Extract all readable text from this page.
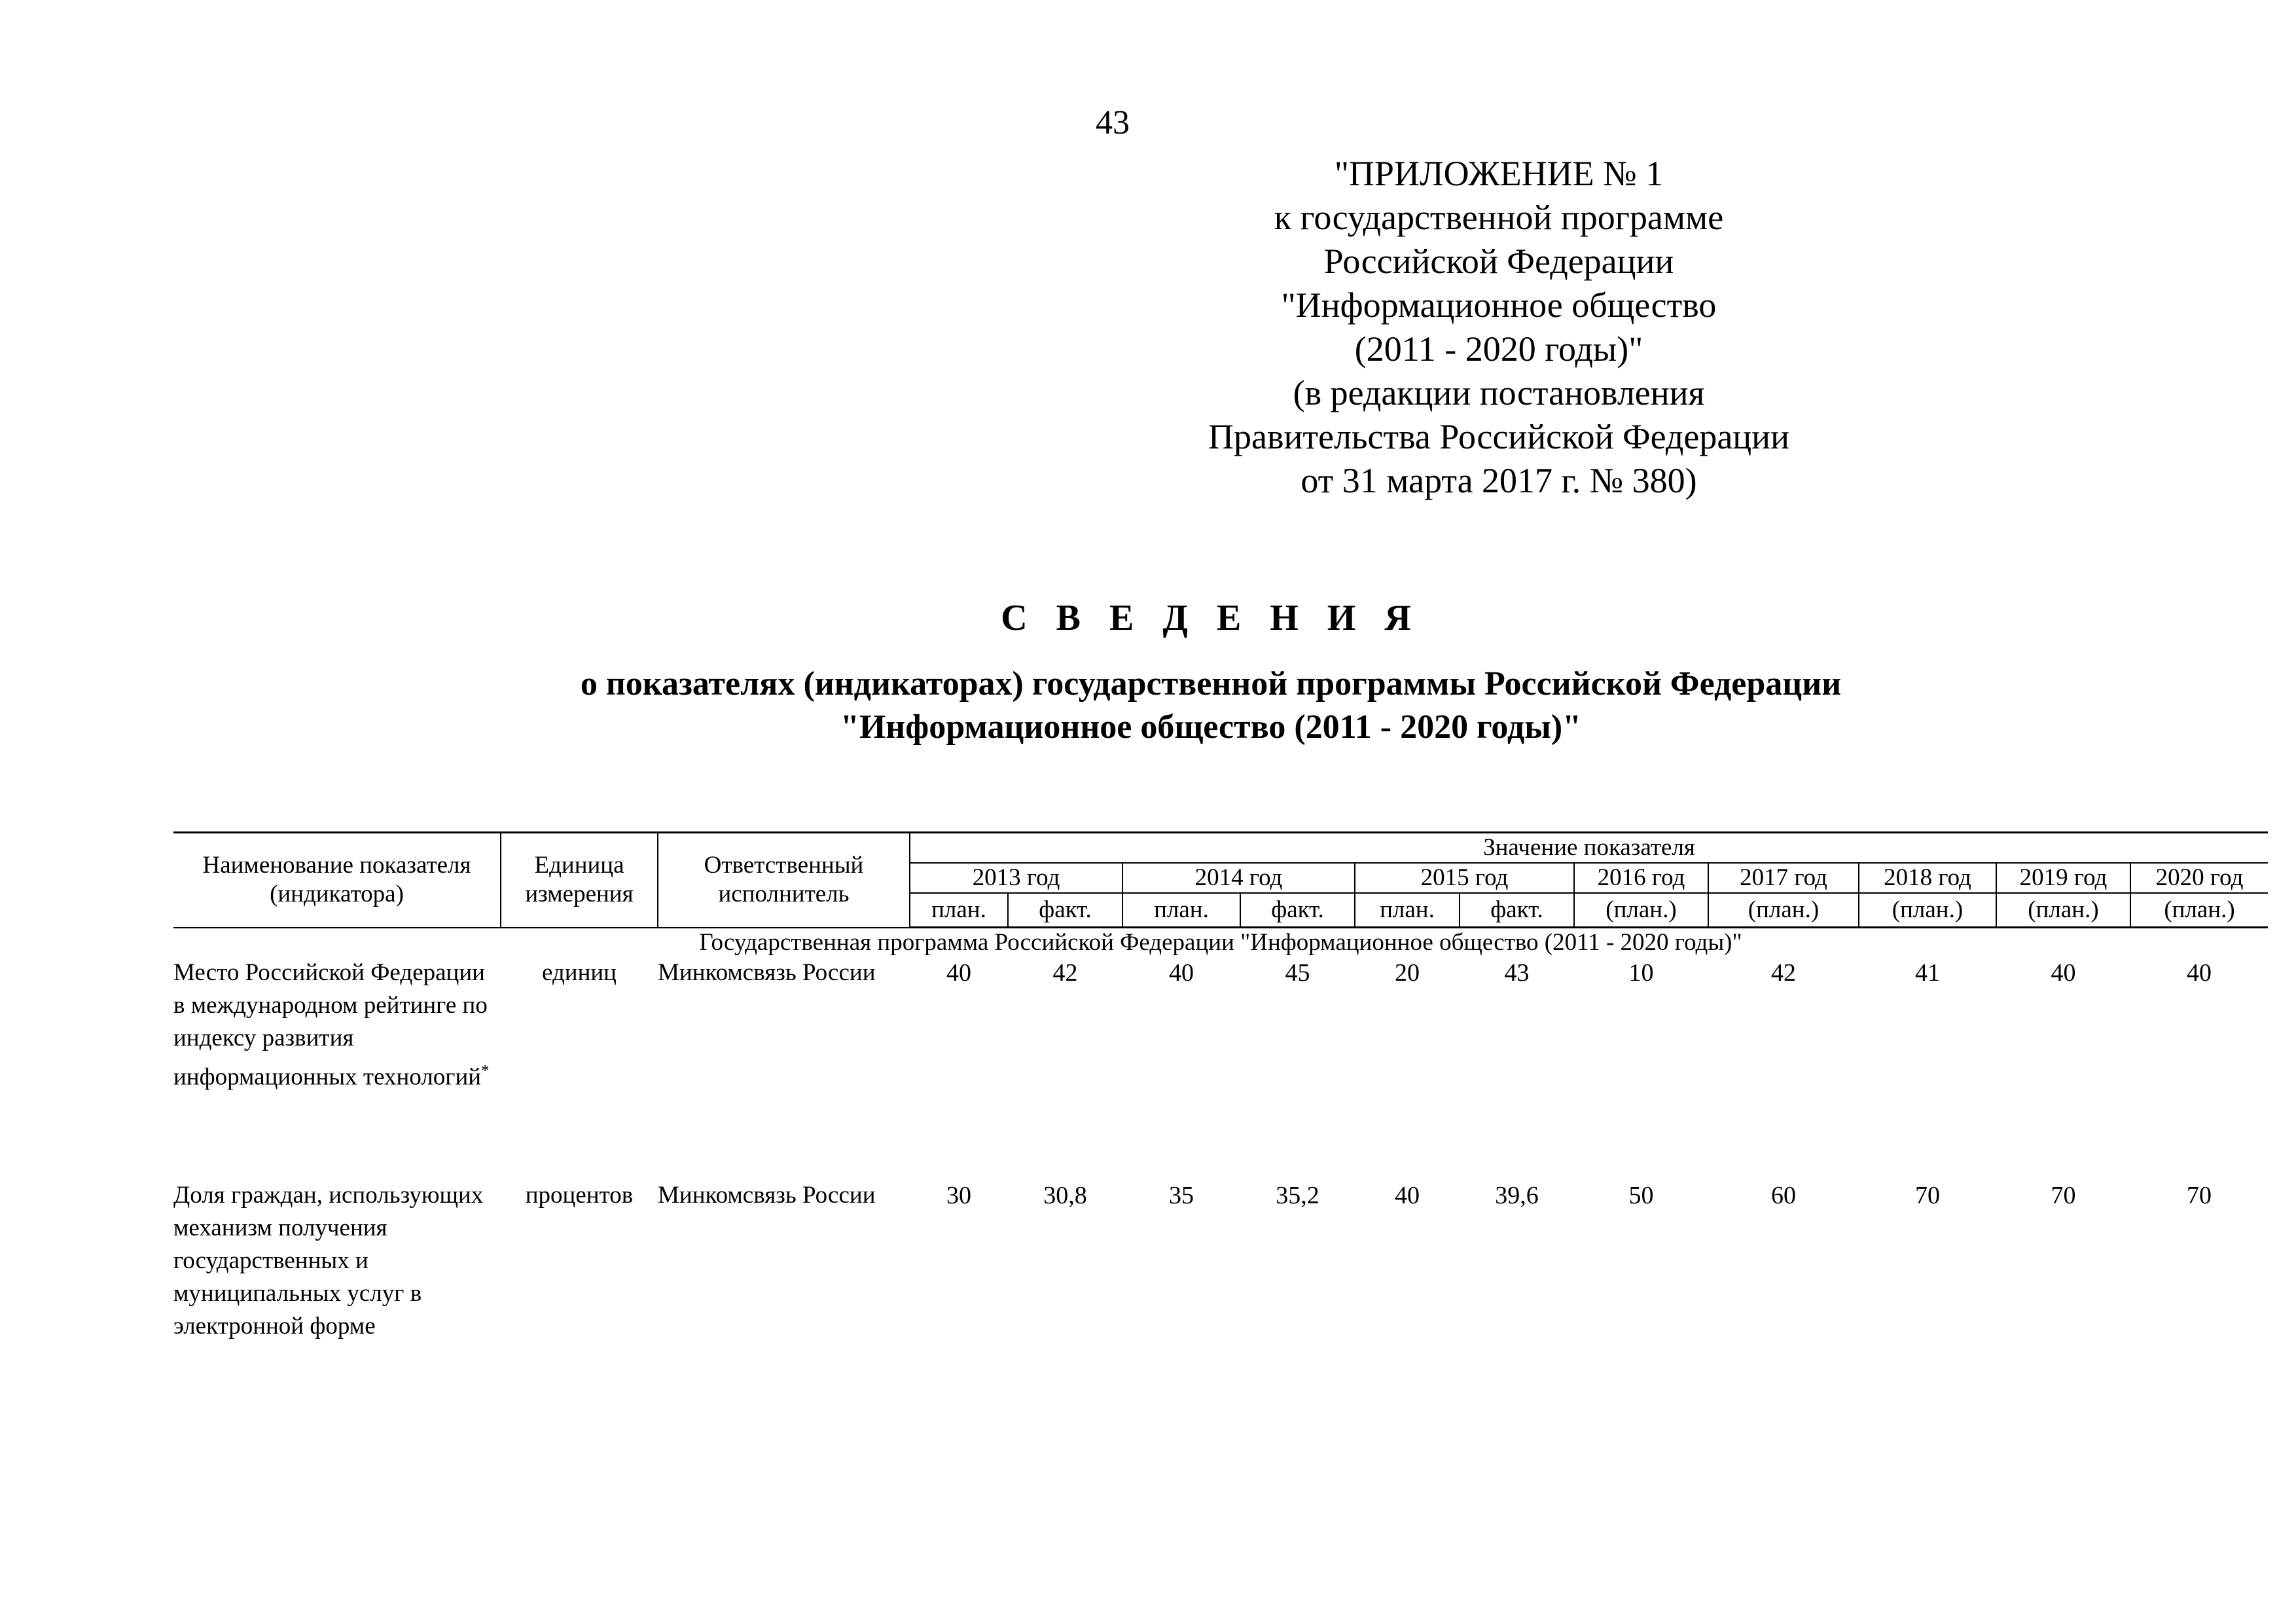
43
"ПРИЛОЖЕНИЕ № 1
к государственной программе
Российской Федерации
"Информационное общество
(2011 - 2020 годы)"
(в редакции постановления
Правительства Российской Федерации
от 31 марта 2017 г. № 380)
С В Е Д Е Н И Я
о показателях (индикаторах) государственной программы Российской Федерации
"Информационное общество (2011 - 2020 годы)"
Наименование показателя (индикатора)	Единица измерения	Ответственный исполнитель	Значение показателя										
			2013 год		2014 год		2015 год		2016 год	2017 год	2018 год	2019 год	2020 год
			план.	факт.	план.	факт.	план.	факт.	(план.)	(план.)	(план.)	(план.)	(план.)
Государственная программа Российской Федерации "Информационное общество (2011 - 2020 годы)"													
Место Российской Федерации в международном рейтинге по индексу развития информационных технологий*	единиц	Минкомсвязь России	40	42	40	45	20	43	10	42	41	40	40
Доля граждан, использующих механизм получения государственных и муниципальных услуг в электронной форме	процентов	Минкомсвязь России	30	30,8	35	35,2	40	39,6	50	60	70	70	70
